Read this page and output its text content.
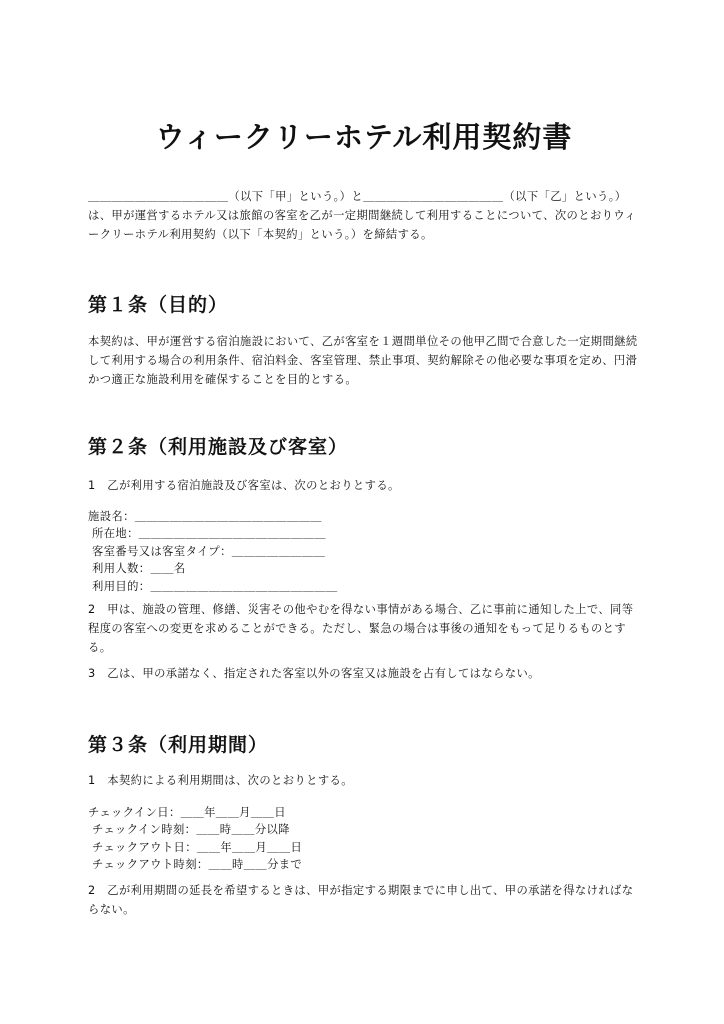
ウィークリーホテル利用契約書

＿＿＿＿＿＿＿＿＿＿＿＿（以下「甲」という。）と＿＿＿＿＿＿＿＿＿＿＿＿（以下「乙」という。）は、甲が運営するホテル又は旅館の客室を乙が一定期間継続して利用することについて、次のとおりウィークリーホテル利用契約（以下「本契約」という。）を締結する。

第１条（目的）

本契約は、甲が運営する宿泊施設において、乙が客室を１週間単位その他甲乙間で合意した一定期間継続して利用する場合の利用条件、宿泊料金、客室管理、禁止事項、契約解除その他必要な事項を定め、円滑かつ適正な施設利用を確保することを目的とする。

第２条（利用施設及び客室）

1　乙が利用する宿泊施設及び客室は、次のとおりとする。

施設名：＿＿＿＿＿＿＿＿＿＿＿＿＿＿＿＿
所在地：＿＿＿＿＿＿＿＿＿＿＿＿＿＿＿＿
客室番号又は客室タイプ：＿＿＿＿＿＿＿＿
利用人数：＿＿名
利用目的：＿＿＿＿＿＿＿＿＿＿＿＿＿＿＿＿

2　甲は、施設の管理、修繕、災害その他やむを得ない事情がある場合、乙に事前に通知した上で、同等程度の客室への変更を求めることができる。ただし、緊急の場合は事後の通知をもって足りるものとする。

3　乙は、甲の承諾なく、指定された客室以外の客室又は施設を占有してはならない。

第３条（利用期間）

1　本契約による利用期間は、次のとおりとする。

チェックイン日：＿＿年＿＿月＿＿日
チェックイン時刻：＿＿時＿＿分以降
チェックアウト日：＿＿年＿＿月＿＿日
チェックアウト時刻：＿＿時＿＿分まで

2　乙が利用期間の延長を希望するときは、甲が指定する期限までに申し出て、甲の承諾を得なければならない。
